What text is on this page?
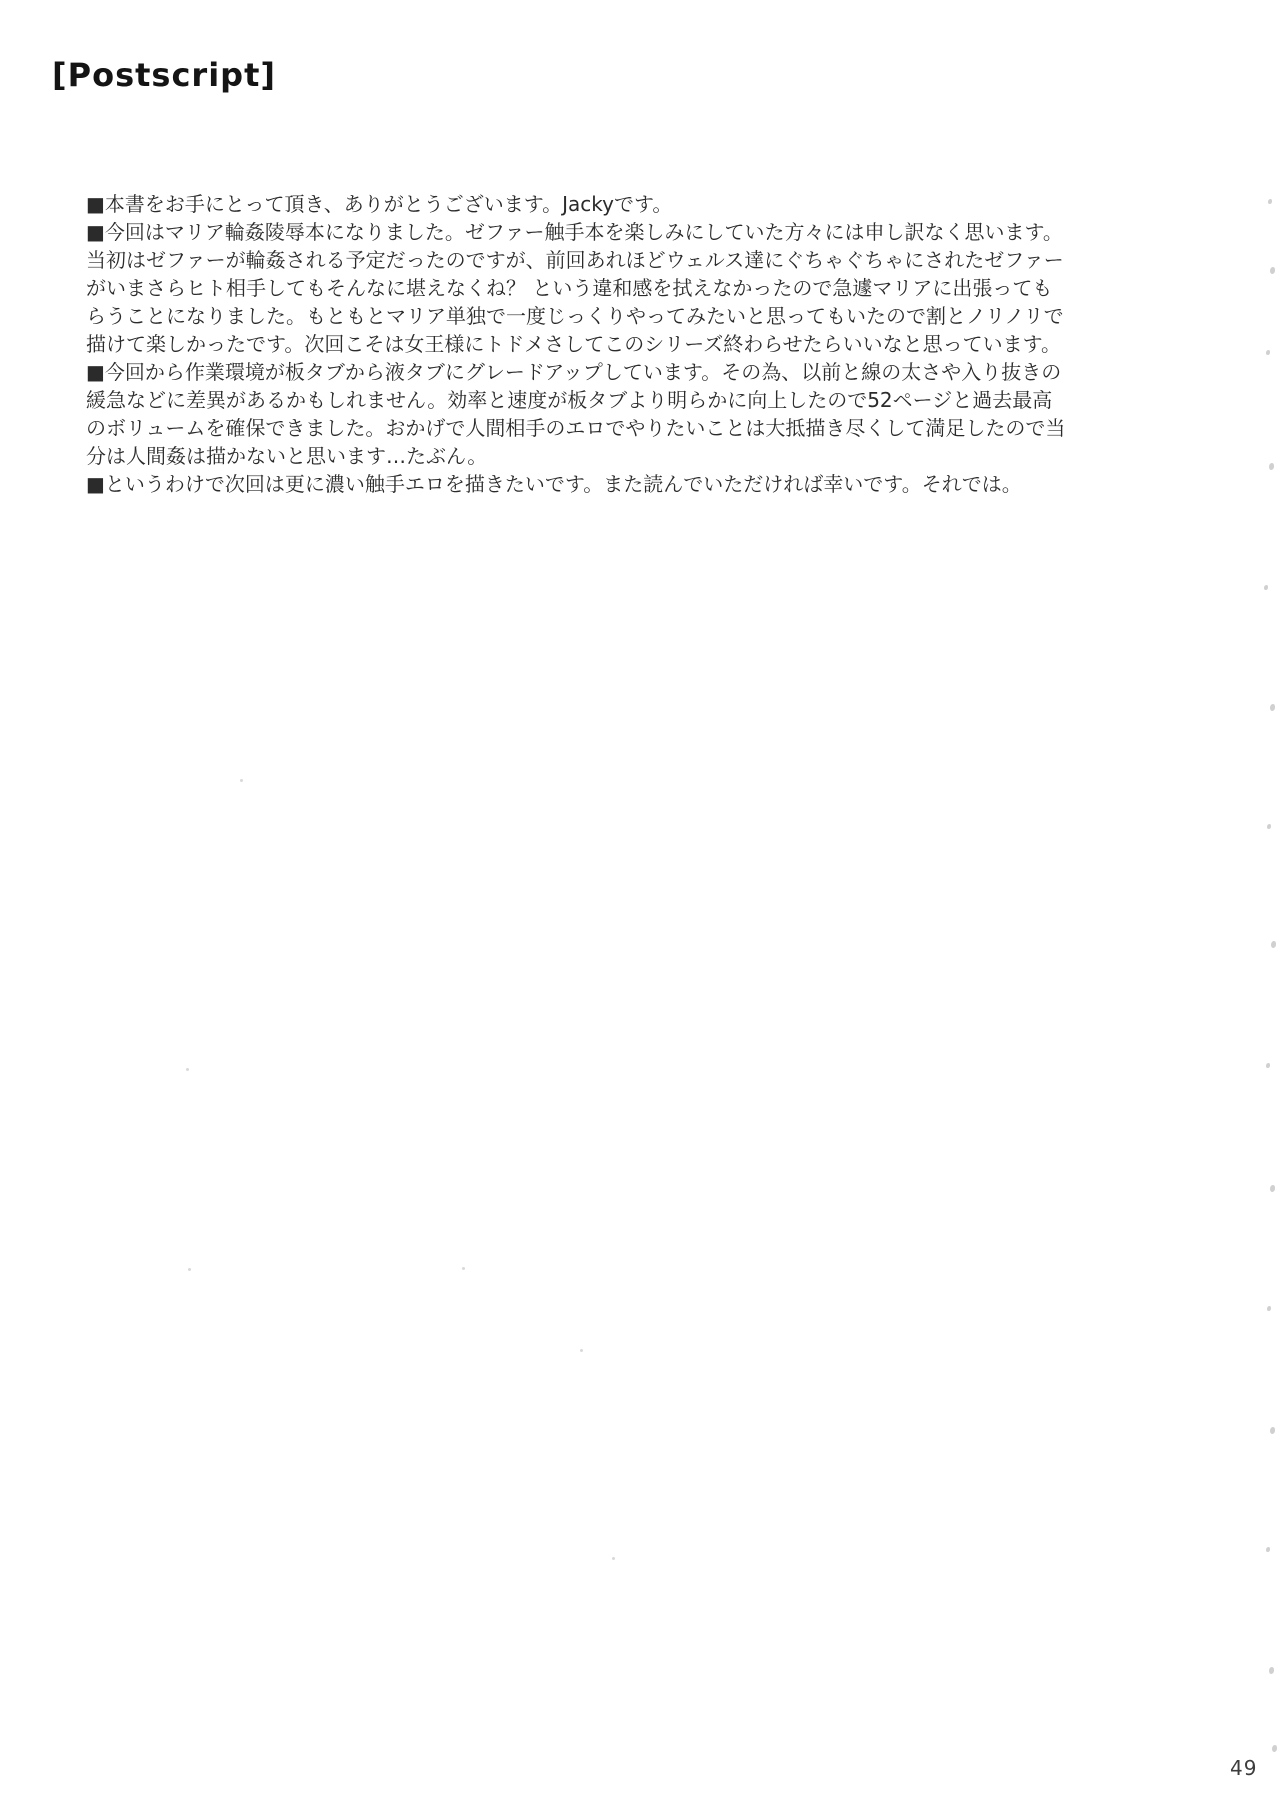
[Postscript]
■本書をお手にとって頂き、ありがとうございます。Jackyです。
■今回はマリア輪姦陵辱本になりました。ゼファー触手本を楽しみにしていた方々には申し訳なく思います。
当初はゼファーが輪姦される予定だったのですが、前回あれほどウェルス達にぐちゃぐちゃにされたゼファー
がいまさらヒト相手してもそんなに堪えなくね？ という違和感を拭えなかったので急遽マリアに出張っても
らうことになりました。もともとマリア単独で一度じっくりやってみたいと思ってもいたので割とノリノリで
描けて楽しかったです。次回こそは女王様にトドメさしてこのシリーズ終わらせたらいいなと思っています。
■今回から作業環境が板タブから液タブにグレードアップしています。その為、以前と線の太さや入り抜きの
緩急などに差異があるかもしれません。効率と速度が板タブより明らかに向上したので52ページと過去最高
のボリュームを確保できました。おかげで人間相手のエロでやりたいことは大抵描き尽くして満足したので当
分は人間姦は描かないと思います…たぶん。
■というわけで次回は更に濃い触手エロを描きたいです。また読んでいただければ幸いです。それでは。
49
